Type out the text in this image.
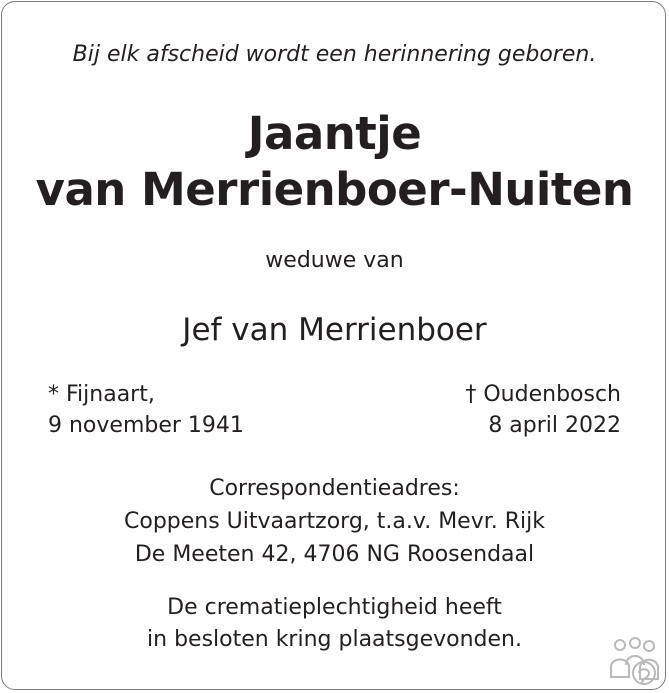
Bij elk afscheid wordt een herinnering geboren.
Jaantje
van Merrienboer-Nuiten
weduwe van
Jef van Merrienboer
* Fijnaart,
9 november 1941
† Oudenbosch
8 april 2022
Correspondentieadres:
Coppens Uitvaartzorg, t.a.v. Mevr. Rijk
De Meeten 42, 4706 NG Roosendaal
De crematieplechtigheid heeft
in besloten kring plaatsgevonden.
